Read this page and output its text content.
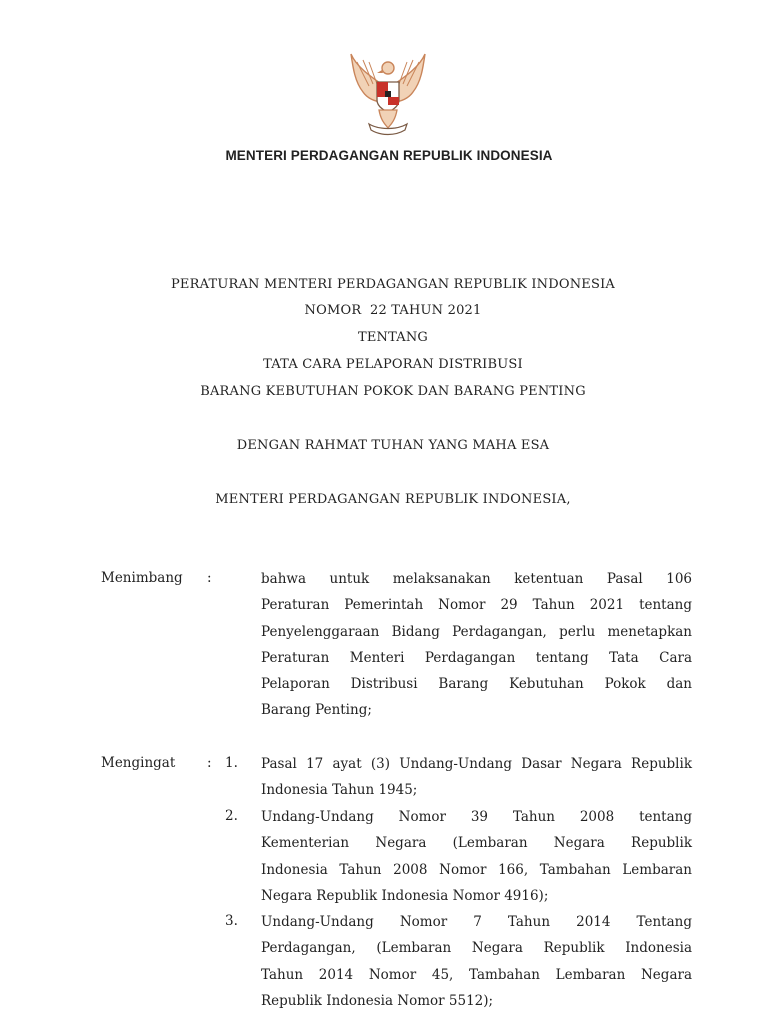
MENTERI PERDAGANGAN REPUBLIK INDONESIA
PERATURAN MENTERI PERDAGANGAN REPUBLIK INDONESIA
NOMOR  22 TAHUN 2021
TENTANG
TATA CARA PELAPORAN DISTRIBUSI
BARANG KEBUTUHAN POKOK DAN BARANG PENTING
DENGAN RAHMAT TUHAN YANG MAHA ESA
MENTERI PERDAGANGAN REPUBLIK INDONESIA,
Menimbang :	bahwa untuk melaksanakan ketentuan Pasal 106
Peraturan Pemerintah Nomor 29 Tahun 2021 tentang
Penyelenggaraan Bidang Perdagangan, perlu menetapkan
Peraturan Menteri Perdagangan tentang Tata Cara
Pelaporan Distribusi Barang Kebutuhan Pokok dan
Barang Penting;
Mengingat : 1. Pasal 17 ayat (3) Undang-Undang Dasar Negara Republik
Indonesia Tahun 1945;
2. Undang-Undang Nomor 39 Tahun 2008 tentang
Kementerian Negara (Lembaran Negara Republik
Indonesia Tahun 2008 Nomor 166, Tambahan Lembaran
Negara Republik Indonesia Nomor 4916);
3. Undang-Undang Nomor 7 Tahun 2014 Tentang
Perdagangan, (Lembaran Negara Republik Indonesia
Tahun 2014 Nomor 45, Tambahan Lembaran Negara
Republik Indonesia Nomor 5512);
